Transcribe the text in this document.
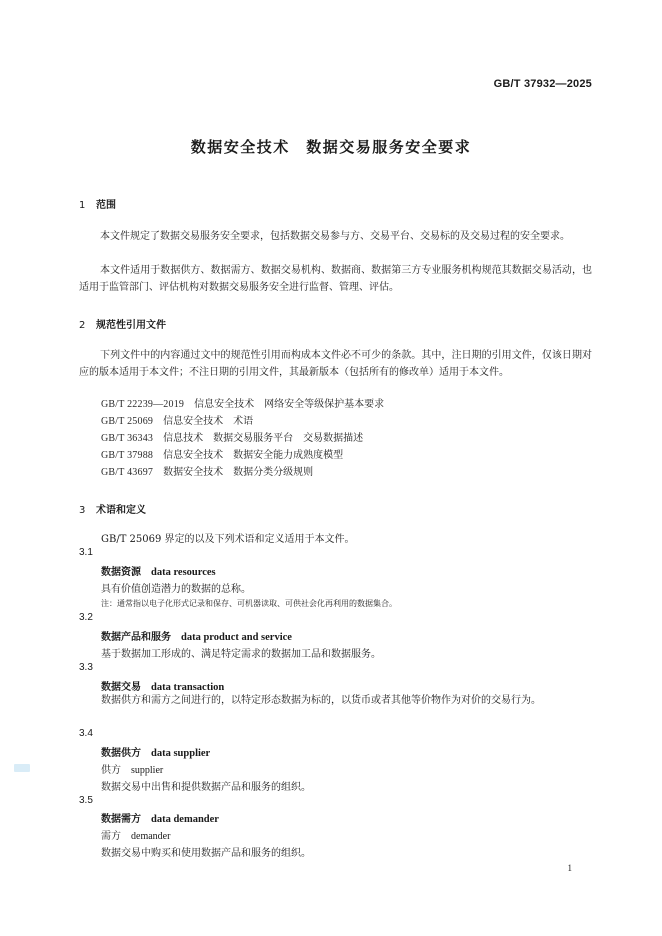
GB/T 37932—2025
数据安全技术　数据交易服务安全要求
1 范围
本文件规定了数据交易服务安全要求，包括数据交易参与方、交易平台、交易标的及交易过程的安全要求。
本文件适用于数据供方、数据需方、数据交易机构、数据商、数据第三方专业服务机构规范其数据交易活动，也适用于监管部门、评估机构对数据交易服务安全进行监督、管理、评估。
2 规范性引用文件
下列文件中的内容通过文中的规范性引用而构成本文件必不可少的条款。其中，注日期的引用文件，仅该日期对应的版本适用于本文件；不注日期的引用文件，其最新版本（包括所有的修改单）适用于本文件。
GB/T 22239—2019　 信息安全技术　网络安全等级保护基本要求
GB/T 25069　 信息安全技术　术语
GB/T 36343　 信息技术　数据交易服务平台　交易数据描述
GB/T 37988　 信息安全技术　数据安全能力成熟度模型
GB/T 43697　 数据安全技术　数据分类分级规则
3 术语和定义
GB/T 25069 界定的以及下列术语和定义适用于本文件。
3.1
数据资源　 data resources
具有价值创造潜力的数据的总称。
注：通常指以电子化形式记录和保存、可机器读取、可供社会化再利用的数据集合。
3.2
数据产品和服务　 data product and service
基于数据加工形成的、满足特定需求的数据加工品和数据服务。
3.3
数据交易　 data transaction
数据供方和需方之间进行的，以特定形态数据为标的，以货币或者其他等价物作为对价的交易行为。
3.4
数据供方　 data supplier
供方　 supplier
数据交易中出售和提供数据产品和服务的组织。
3.5
数据需方　 data demander
需方　 demander
数据交易中购买和使用数据产品和服务的组织。
1
